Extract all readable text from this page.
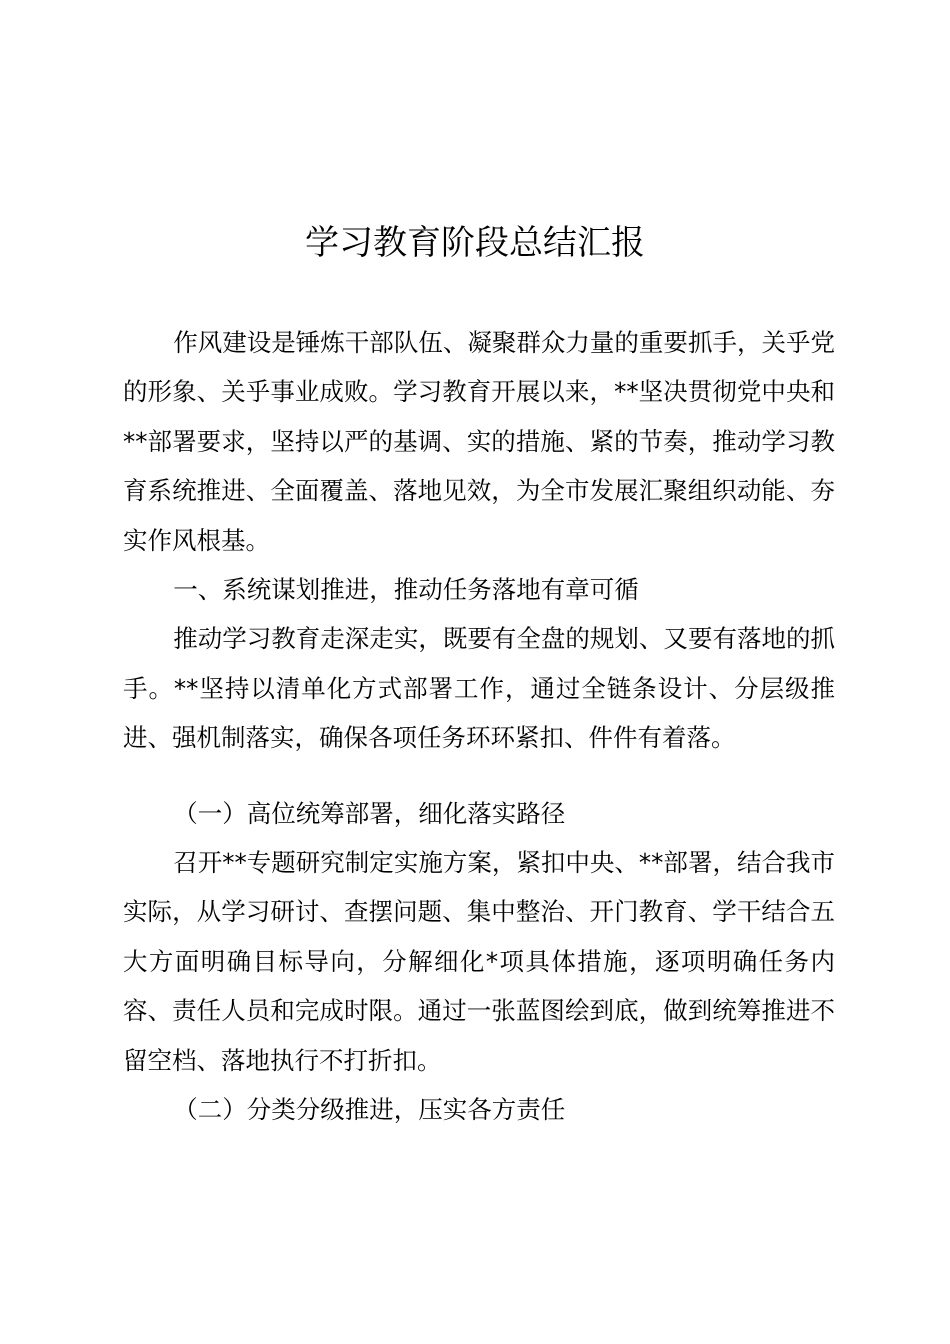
学习教育阶段总结汇报

作风建设是锤炼干部队伍、凝聚群众力量的重要抓手，关乎党的形象、关乎事业成败。学习教育开展以来，**坚决贯彻党中央和**部署要求，坚持以严的基调、实的措施、紧的节奏，推动学习教育系统推进、全面覆盖、落地见效，为全市发展汇聚组织动能、夯实作风根基。

一、系统谋划推进，推动任务落地有章可循

推动学习教育走深走实，既要有全盘的规划、又要有落地的抓手。**坚持以清单化方式部署工作，通过全链条设计、分层级推进、强机制落实，确保各项任务环环紧扣、件件有着落。

（一）高位统筹部署，细化落实路径

召开**专题研究制定实施方案，紧扣中央、**部署，结合我市实际，从学习研讨、查摆问题、集中整治、开门教育、学干结合五大方面明确目标导向，分解细化*项具体措施，逐项明确任务内容、责任人员和完成时限。通过一张蓝图绘到底，做到统筹推进不留空档、落地执行不打折扣。

（二）分类分级推进，压实各方责任
